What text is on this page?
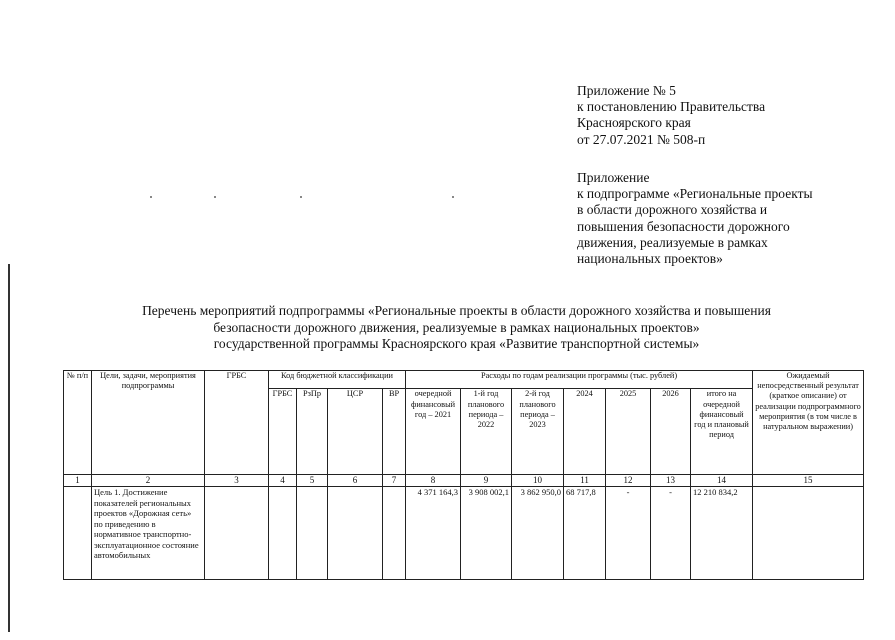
Приложение № 5
к постановлению Правительства
Красноярского края
от 27.07.2021 № 508-п
Приложение
к подпрограмме «Региональные проекты
в области дорожного хозяйства и
повышения безопасности дорожного
движения, реализуемые в рамках
национальных проектов»
Перечень мероприятий подпрограммы «Региональные проекты в области дорожного хозяйства и повышения
безопасности дорожного движения, реализуемые в рамках национальных проектов»
государственной программы Красноярского края «Развитие транспортной системы»
№ п/п	Цели, задачи, мероприятия подпрограммы	ГРБС	Код бюджетной классификации				Расходы по годам реализации программы (тыс. рублей)							Ожидаемый непосредственный результат (краткое описание) от реализации подпрограммного мероприятия (в том числе в натуральном выражении)
			ГРБС	РзПр	ЦСР	ВР	очередной финансовый год – 2021	1-й год планового периода – 2022	2-й год планового периода – 2023	2024	2025	2026	итого на очередной финансовый год и плановый период	
1	2	3	4	5	6	7	8	9	10	11	12	13	14	15
	Цель 1. Достижение показателей региональных проектов «Дорожная сеть» по приведению в нормативное транспортно-эксплуатационное состояние автомобильных						4 371 164,3	3 908 002,1	3 862 950,0	68 717,8	-	-	12 210 834,2	
